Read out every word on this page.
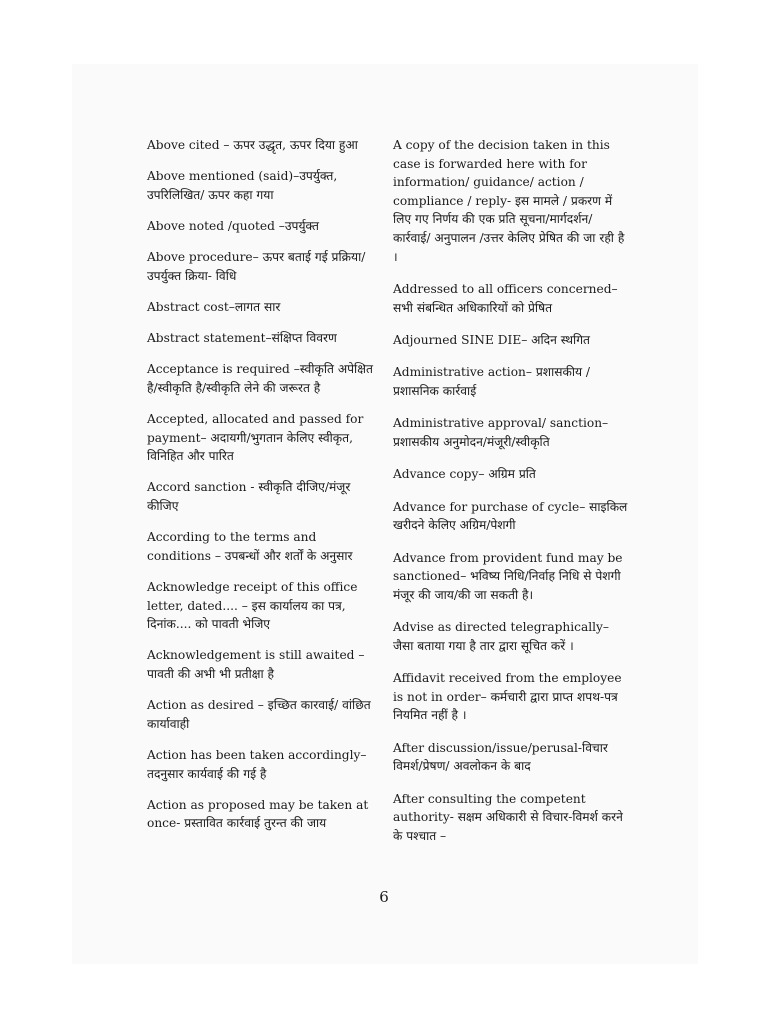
Above cited – ऊपर उद्धृत, ऊपर दिया हुआ

Above mentioned (said)–उपर्युक्त, उपरिलिखित/ ऊपर कहा गया

Above noted /quoted –उपर्युक्त

Above procedure– ऊपर बताई गई प्रक्रिया/ उपर्युक्त क्रिया- विधि

Abstract cost–लागत सार

Abstract statement–संक्षिप्त विवरण

Acceptance is required –स्वीकृति अपेक्षित है/स्वीकृति है/स्वीकृति लेने की जरूरत है

Accepted, allocated and passed for payment– अदायगी/भुगतान केलिए स्वीकृत, विनिहित और पारित

Accord sanction - स्वीकृति दीजिए/मंजूर कीजिए

According to the terms and conditions – उपबन्धों और शर्तों के अनुसार

Acknowledge receipt of this office letter, dated.... – इस कार्यालय का पत्र, दिनांक.... को पावती भेजिए

Acknowledgement is still awaited – पावती की अभी भी प्रतीक्षा है

Action as desired – इच्छित कारवाई/ वांछित कार्यावाही

Action has been taken accordingly– तदनुसार कार्यवाई की गई है

Action as proposed may be taken at once- प्रस्तावित कार्रवाई तुरन्त की जाय

A copy of the decision taken in this case is forwarded here with for information/ guidance/ action / compliance / reply- इस मामले / प्रकरण में लिए गए निर्णय की एक प्रति सूचना/मार्गदर्शन/ कार्रवाई/ अनुपालन /उत्तर केलिए प्रेषित की जा रही है ।

Addressed to all officers concerned– सभी संबन्धित अधिकारियों को प्रेषित

Adjourned SINE DIE– अदिन स्थगित

Administrative action– प्रशासकीय / प्रशासनिक कार्रवाई

Administrative approval/ sanction– प्रशासकीय अनुमोदन/मंजूरी/स्वीकृति

Advance copy– अग्रिम प्रति

Advance for purchase of cycle– साइकिल खरीदने केलिए अग्रिम/पेशगी

Advance from provident fund may be sanctioned– भविष्य निधि/निर्वाह निधि से पेशगी मंजूर की जाय/की जा सकती है।

Advise as directed telegraphically– जैसा बताया गया है तार द्वारा सूचित करें ।

Affidavit received from the employee is not in order– कर्मचारी द्वारा प्राप्त शपथ-पत्र नियमित नहीं है ।

After discussion/issue/perusal-विचार विमर्श/प्रेषण/ अवलोकन के बाद

After consulting the competent authority- सक्षम अधिकारी से विचार-विमर्श करने के पश्चात –

6
